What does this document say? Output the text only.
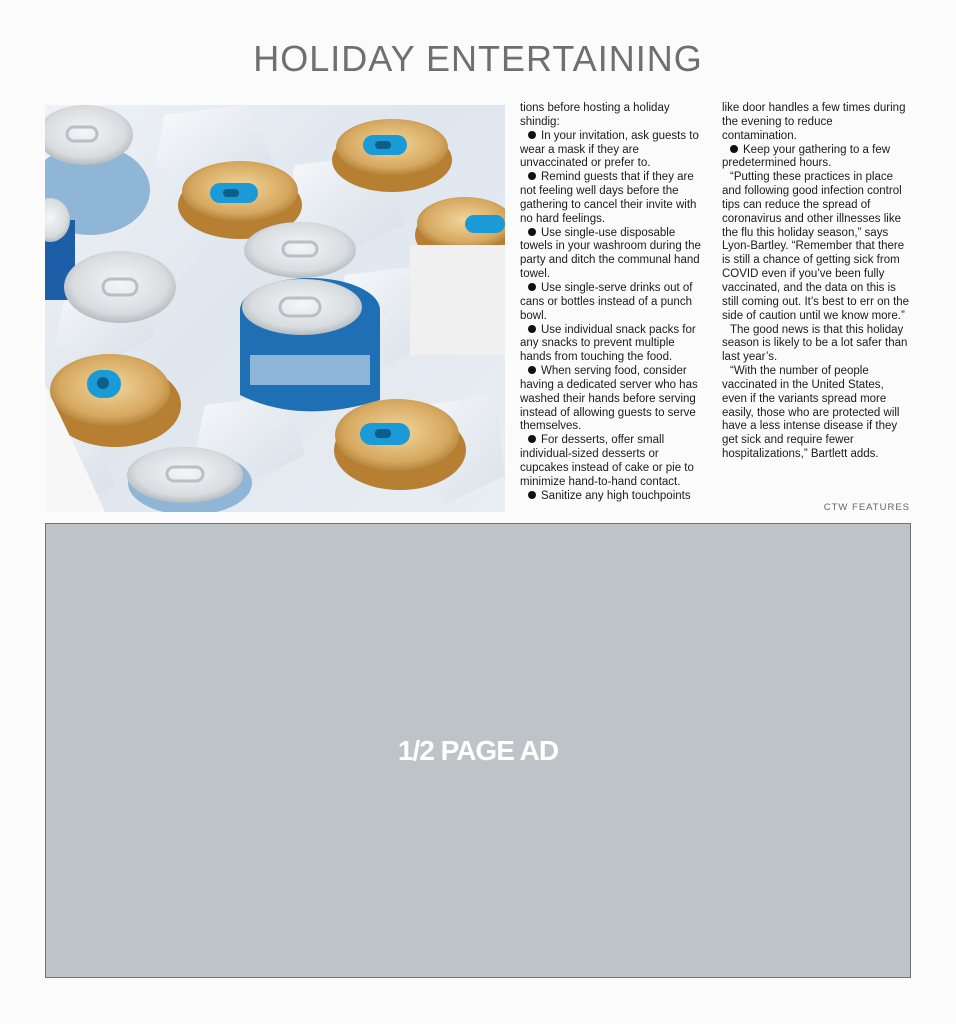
HOLIDAY ENTERTAINING

tions before hosting a holiday shindig:

In your invitation, ask guests to wear a mask if they are unvaccinated or prefer to.

Remind guests that if they are not feeling well days before the gathering to cancel their invite with no hard feelings.

Use single-use disposable towels in your washroom during the party and ditch the communal hand towel.

Use single-serve drinks out of cans or bottles instead of a punch bowl.

Use individual snack packs for any snacks to prevent multiple hands from touching the food.

When serving food, consider having a dedicated server who has washed their hands before serving instead of allowing guests to serve themselves.

For desserts, offer small individual-sized desserts or cupcakes instead of cake or pie to minimize hand-to-hand contact.

Sanitize any high touchpoints

like door handles a few times during the evening to reduce contamination.

Keep your gathering to a few predetermined hours.

“Putting these practices in place and following good infection control tips can reduce the spread of coronavirus and other illnesses like the flu this holiday season,” says Lyon-Bartley. “Remember that there is still a chance of getting sick from COVID even if you’ve been fully vaccinated, and the data on this is still coming out. It’s best to err on the side of caution until we know more.”

The good news is that this holiday season is likely to be a lot safer than last year’s.

“With the number of people vaccinated in the United States, even if the variants spread more easily, those who are protected will have a less intense disease if they get sick and require fewer hospitalizations,” Bartlett adds.

CTW FEATURES
1/2 PAGE AD
